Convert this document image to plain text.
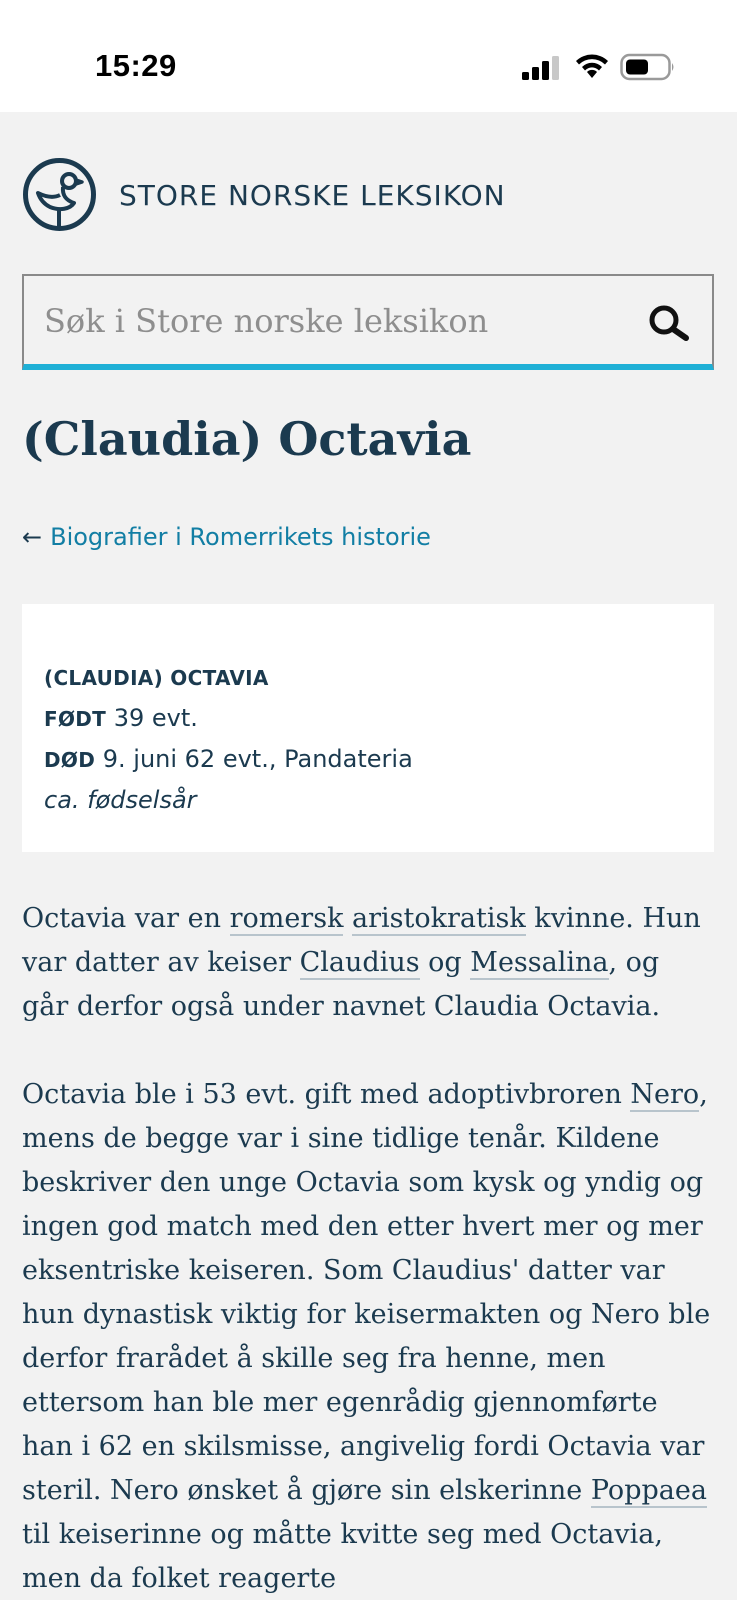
15:29
STORE NORSKE LEKSIKON
Søk i Store norske leksikon
(Claudia) Octavia
← Biografier i Romerrikets historie
(CLAUDIA) OCTAVIA
FØDT 39 evt.
DØD 9. juni 62 evt., Pandateria
ca. fødselsår

Octavia var en romersk aristokratisk kvinne. Hun var datter av keiser Claudius og Messalina, og går derfor også under navnet Claudia Octavia.

Octavia ble i 53 evt. gift med adoptivbroren Nero, mens de begge var i sine tidlige tenår. Kildene beskriver den unge Octavia som kysk og yndig og ingen god match med den etter hvert mer og mer eksentriske keiseren. Som Claudius' datter var hun dynastisk viktig for keisermakten og Nero ble derfor frarådet å skille seg fra henne, men ettersom han ble mer egenrådig gjennomførte han i 62 en skilsmisse, angivelig fordi Octavia var steril. Nero ønsket å gjøre sin elskerinne Poppaea til keiserinne og måtte kvitte seg med Octavia, men da folket reagerte
